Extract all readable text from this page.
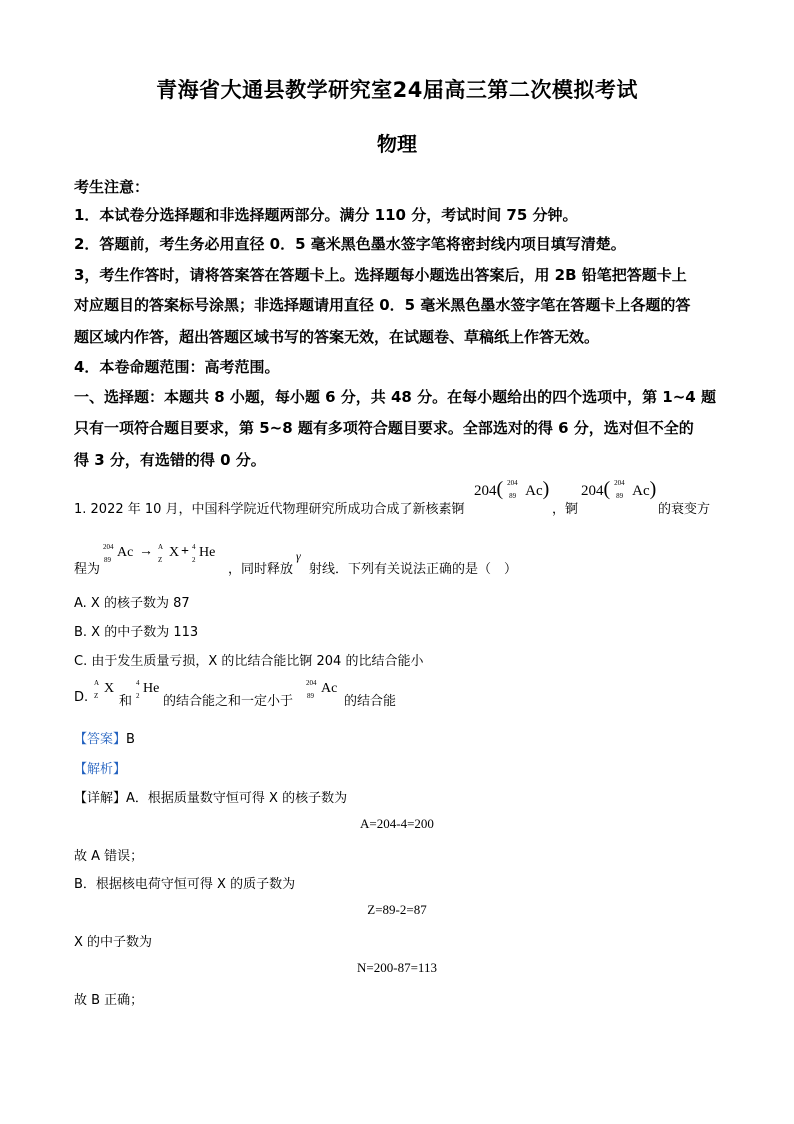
青海省大通县教学研究室24届高三第二次模拟考试
物理
考生注意：
1．本试卷分选择题和非选择题两部分。满分 110 分，考试时间 75 分钟。
2．答题前，考生务必用直径 0．5 毫米黑色墨水签字笔将密封线内项目填写清楚。
3，考生作答时，请将答案答在答题卡上。选择题每小题选出答案后，用 2B 铅笔把答题卡上
对应题目的答案标号涂黑；非选择题请用直径 0．5 毫米黑色墨水签字笔在答题卡上各题的答
题区域内作答，超出答题区域书写的答案无效，在试题卷、草稿纸上作答无效。
4．本卷命题范围：高考范围。
一、选择题：本题共 8 小题，每小题 6 分，共 48 分。在每小题给出的四个选项中，第 1~4 题
只有一项符合题目要求，第 5~8 题有多项符合题目要求。全部选对的得 6 分，选对但不全的
得 3 分，有选错的得 0 分。
1. 2022 年 10 月，中国科学院近代物理研究所成功合成了新核素锕
204( 204
89 Ac)
，锕
204( 204
89 Ac)
的衰变方
程为
204
89 Ac → A
Z X + 4
2 He
，同时释放
γ
射线．下列有关说法正确的是（　）
A. X 的核子数为 87
B. X 的中子数为 113
C. 由于发生质量亏损，X 的比结合能比锕 204 的比结合能小
D.
A
Z X
和
4
2 He
的结合能之和一定小于
204
89 Ac
的结合能
【答案】B
【解析】
【详解】A．根据质量数守恒可得 X 的核子数为
A=204-4=200
故 A 错误；
B．根据核电荷守恒可得 X 的质子数为
Z=89-2=87
X 的中子数为
N=200-87=113
故 B 正确；
